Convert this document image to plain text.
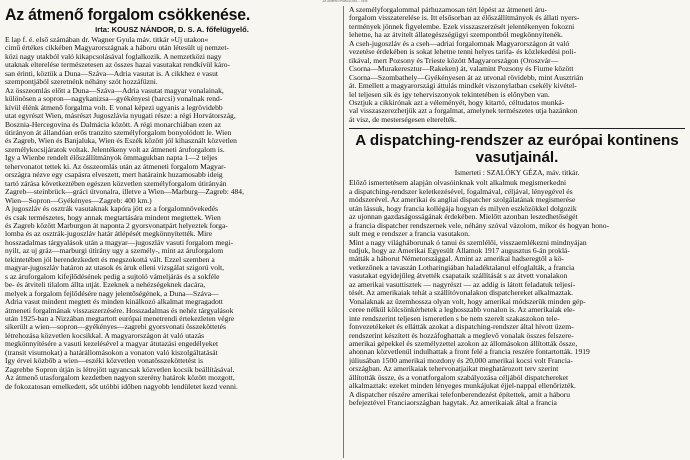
AZ ÁTMENŐ FORGALOM — 1930
Az átmenő forgalom csökkenése.
Irta: KOUSZ NÁNDOR, D. S. A. főfelügyelő.
E lap f. é. első számában dr. Wagner Gyula máv. titkár »Uj utakon«
cimű értékes cikkében Magyarországnak a háboru után létesült uj nemzet-
közi nagy utakból való kikapcsolásával foglalkozik. A nemzetközi nagy
utaknak elterelése természetesen az összes hazai vasutakat rendkívül káro-
san érinti, köztük a Duna—Száva—Adria vasutat is. A cikkhez e vasut
szempontjából szeretnénk néhány szót hozzáfüzni.
Az összeomlás előtt a Duna—Száva—Adria vasutat magyar vonalainak,
különösen a sopron—nagykanizsa—gyékényesi (barcsi) vonalnak rend-
kívül élénk átmenő forgalma volt. E vonal képezi ugyanis a legrövidebb
utat egyrészt Wien, másrészt Jugoszlávia nyugati része: a régi Horvátország,
Bosznia-Hercegovina és Dalmácia között. A régi monarchiában ezen az
útirányon át állandóan erős tranzito személyforgalom bonyolódott le. Wien
és Zagreb, Wien és Banjaluka, Wien és Eszék között jól kihasznált közvetlen
személykocsijáratok voltak. Jelentékeny volt az átmeneti áruforgalom is.
Igy a Wienbe rendelt élőszállítmányok ömmagukban napta 1—2 teljes
tehervonatot tettek ki. Az összeomlás után az átmeneti forgalom Magyar-
országra nézve egy csapásra elveszett, mert határaink huzamosabb ideig
tartó zárása következtében egészen közvetlen személyforgalom útirányán
Zagreb—steinbrück—gráci útvonalra, illetve a Wien—Marburg—Zagreb: 484,
Wien—Sopron—Gyékényes—Zagreb: 400 km.)
A jugoszláv és osztrák vasutaknak kapóra jött ez a forgalomnövekedés
és csak természetes, hogy annak megtartására mindent megtettek. Wien
és Zagreb között Marburgon át naponta 2 gyorsvonatpárt helyeztek forga-
lomba és az osztrák-jugoszláv határ átlépését megkönnyítették. Mire
hosszadalmas tárgyalások után a magyar—jugoszláv vasuti forgalom megi-
nyilt, az uj gráz—marburgi útirány ugy a személy-, mint az áruforgalom
tekintetében jól berendezkedett és megszokottá vált. Ezzel szemben a
magyar-jugoszláv határon az utasok és áruk elleni vizsgálat szigorú volt,
s az áruforgalom kifejlődésének pedig a sujtoló vámeljárás és a sokféle
be- és átviteli tilalom állta utját. Ezeknek a nehézségeknek dacára,
melyek a forgalom fejlődésére nagy jelentőségének, a Duna—Száva—
Adria vasut mindent megtett és minden kinálkozó alkalmat megragadott
átmeneti forgalmának visszaszerzésére. Hosszadalmas és nehéz tárgyalások
után 1925-ban a Nizzában megtartott európai menetrendi értekezleten végre
sikerült a wien—sopron—gyékényes—zagrebi gyorsvonati összeköttetés
létrehozása közvetlen kocsikkal. A magyarországon át való utazás
megkönnyítésére a vasuti kezelésével a magyar átutazási engedélyeket
(transit visumokat) a határállomásokon a vonaton való kiszolgáltatását
Igy érvei közbőb a wien—eszéki közvetlen vonatösszeköttetést is
Zagrebbe Sopron útján is létrejött ugyancsak közvetlen kocsik beállításával.
Az átmenő utasforgalom kezdetben nagyon szerény határok között mozgott,
de fokozatosan emelkedett, sőt utóbbi időben nagyobb lendületet kezd venni.
A személyforgalommal párhuzamosan tért lépést az átmeneti áru-
forgalom visszaterelése is. Itt elsősorban az élőszállítmányok és állati nyers-
termények jönnek figyelembe. Ezek visszaszerzését jelentékenyen fokozni
lehetne, ha az átvitelt állategészségügyi szempontból megkönnyítenék.
A cseh-jugoszláv és a cseh—adriai forgalomnak Magyarországon át való
vezetése érdekében is sokat lehetne tenni helyes tarifa- és közlekedési poli-
tikával, mert Pozsony és Trieste között Magyarországon (Oroszvár—
Csorna—Murakeresztur—Rakeken) át, valamint Pozsony és Fiume között
Csorna—Szombathely—Gyékényesen át az utvonal rövidebb, mint Ausztrián
át. Emellett a magyarországi áttulás mindkét viszonylatban csekély kivétel-
lel teljesen sík és így teherviszonyok tekintetében is előnyben van.
Osztjuk a cikkirónak azt a véleményét, hogy kitartó, céltudatos munká-
val visszaszerezhetjük azt a forgalmat, amelynek természetes utja hazánkon
át visz, de mesterségesen elterelték.
A dispatching-rendszer az európai kontinens vasutjainál.
Ismerteti : SZALÓKY GÉZA, máv. titkár.
Előző ismertetésem alapján olvasóinknak volt alkalmuk megismerkedni
a dispatching-rendszer keletkezésével, fogalmával, céljával, lényegével és
módszerével. Az amerikai és angliai dispatcher szolgálatának megismerése
után lássuk, hogy francia kollégája hogyan és milyen eszközökkel dolgozik
az ujonnan gazdaságosságának érdekében. Mielőtt azonban leszedhetőségét
a francia dispatcher rendszernek vele, néhány szóval vázolom, mikor és hogyan hono-
sult meg e rendszer a francia vasutakon.
Mint a nagy világháborunak ó tanui és szemlélői, visszaemlékezni mindnyájan
tudjuk, hogy az Amerikai Egyesült Államok 1917 augusztus 6-án proklá-
mátták a háborut Németországgal. Amint az amerikai hadseregtől a kö-
vetkezőnek a tavaszán Lotharingiában haladéktalanul elfoglalták, a francia
vasutakat egyidejűleg átvették csapataik szállítását s az átvett vonalakon
az amerikai vasuttisztek — nagyrészt — az addig is látott feladatuk teljesí-
tését. Az amerikaiak tehát a szállítóvonalakon dispatchereket alkalmaztak.
Vonalaknak az üzemhossza olyan volt, hogy amerikai módszerük minden gép-
ceree nélkül kölcsönkérhetek a leghosszabb vonalon is. Az amerikaiak ele-
inte rendszerint teljesen ismeretlen s be nem szerelt szakaszokon tele-
fonvezetékeket és ellátták azokat a dispatching-rendszer által hívott üzem-
rendszerint készített és hozzáfoghattak a meglevő vonalak összes felszere-
amerikai gépekkel és személyzettel azokon az állomásokon állították össze,
ahonnan közvetlenül indulhattak a front felé a francia reszére fontartották. 1919
júliusában 1500 amerikai mozdony és 20,000 amerikai kocsi volt Francia-
országban. Az amerikaiak tehervonatjaikat meghatározott terv szerint
állították össze, és a vonatforgalom szabályozása céljából dispatchereket
alkalmaztak: ezeket minden lényeges munkájukat éjjel-nappal ellenőrizték.
A dispatcher részére amerikai telefonberendezést építettek, amit a háboru
befejeztével Franciaországban hagytak. Az amerikaiak által a francia
